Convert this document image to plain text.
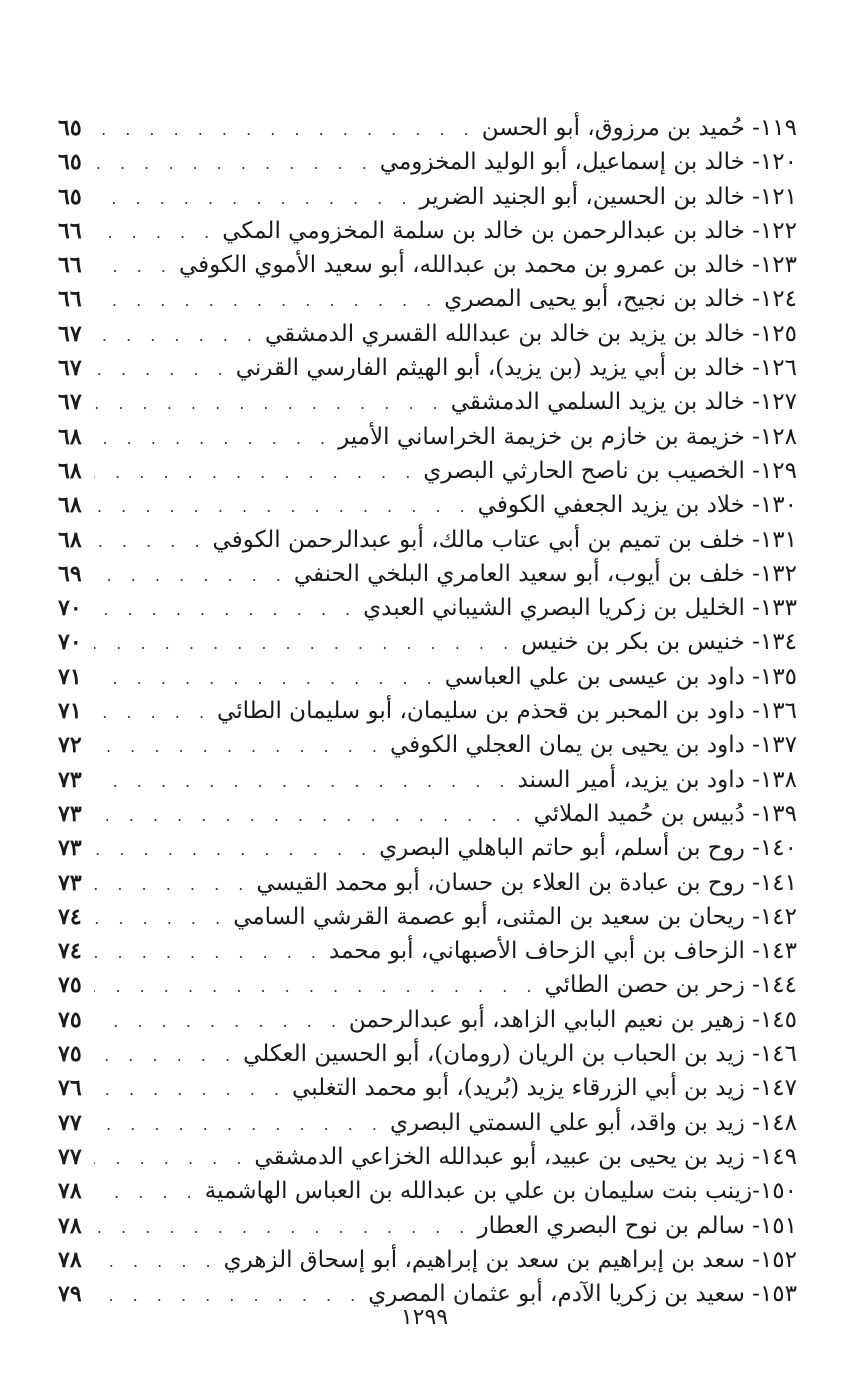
١١٩- حُميد بن مرزوق، أبو الحسن
. . .
٦٥
١٢٠- خالد بن إسماعيل، أبو الوليد المخزومي
. . .
٦٥
١٢١- خالد بن الحسين، أبو الجنيد الضرير
. . .
٦٥
١٢٢- خالد بن عبدالرحمن بن خالد بن سلمة المخزومي المكي
. . .
٦٦
١٢٣- خالد بن عمرو بن محمد بن عبدالله، أبو سعيد الأموي الكوفي
. . .
٦٦
١٢٤- خالد بن نجيح، أبو يحيى المصري
. . .
٦٦
١٢٥- خالد بن يزيد بن خالد بن عبدالله القسري الدمشقي
. . .
٦٧
١٢٦- خالد بن أبي يزيد (بن يزيد)، أبو الهيثم الفارسي القرني
. . .
٦٧
١٢٧- خالد بن يزيد السلمي الدمشقي
. . .
٦٧
١٢٨- خزيمة بن خازم بن خزيمة الخراساني الأمير
. . .
٦٨
١٢٩- الخصيب بن ناصح الحارثي البصري
. . .
٦٨
١٣٠- خلاد بن يزيد الجعفي الكوفي
. . .
٦٨
١٣١- خلف بن تميم بن أبي عتاب مالك، أبو عبدالرحمن الكوفي
. . .
٦٨
١٣٢- خلف بن أيوب، أبو سعيد العامري البلخي الحنفي
. . .
٦٩
١٣٣- الخليل بن زكريا البصري الشيباني العبدي
. . .
٧٠
١٣٤- خنيس بن بكر بن خنيس
. . .
٧٠
١٣٥- داود بن عيسى بن علي العباسي
. . .
٧١
١٣٦- داود بن المحبر بن قحذم بن سليمان، أبو سليمان الطائي
. . .
٧١
١٣٧- داود بن يحيى بن يمان العجلي الكوفي
. . .
٧٢
١٣٨- داود بن يزيد، أمير السند
. . .
٧٣
١٣٩- دُبيس بن حُميد الملائي
. . .
٧٣
١٤٠- روح بن أسلم، أبو حاتم الباهلي البصري
. . .
٧٣
١٤١- روح بن عبادة بن العلاء بن حسان، أبو محمد القيسي
. . .
٧٣
١٤٢- ريحان بن سعيد بن المثنى، أبو عصمة القرشي السامي
. . .
٧٤
١٤٣- الزحاف بن أبي الزحاف الأصبهاني، أبو محمد
. . .
٧٤
١٤٤- زحر بن حصن الطائي
. . .
٧٥
١٤٥- زهير بن نعيم البابي الزاهد، أبو عبدالرحمن
. . .
٧٥
١٤٦- زيد بن الحباب بن الريان (رومان)، أبو الحسين العكلي
. . .
٧٥
١٤٧- زيد بن أبي الزرقاء يزيد (بُريد)، أبو محمد التغلبي
. . .
٧٦
١٤٨- زيد بن واقد، أبو علي السمتي البصري
. . .
٧٧
١٤٩- زيد بن يحيى بن عبيد، أبو عبدالله الخزاعي الدمشقي
. . .
٧٧
١٥٠-زينب بنت سليمان بن علي بن عبدالله بن العباس الهاشمية
. . .
٧٨
١٥١- سالم بن نوح البصري العطار
. . .
٧٨
١٥٢- سعد بن إبراهيم بن سعد بن إبراهيم، أبو إسحاق الزهري
. . .
٧٨
١٥٣- سعيد بن زكريا الآدم، أبو عثمان المصري
. . .
٧٩
١٢٩٩
